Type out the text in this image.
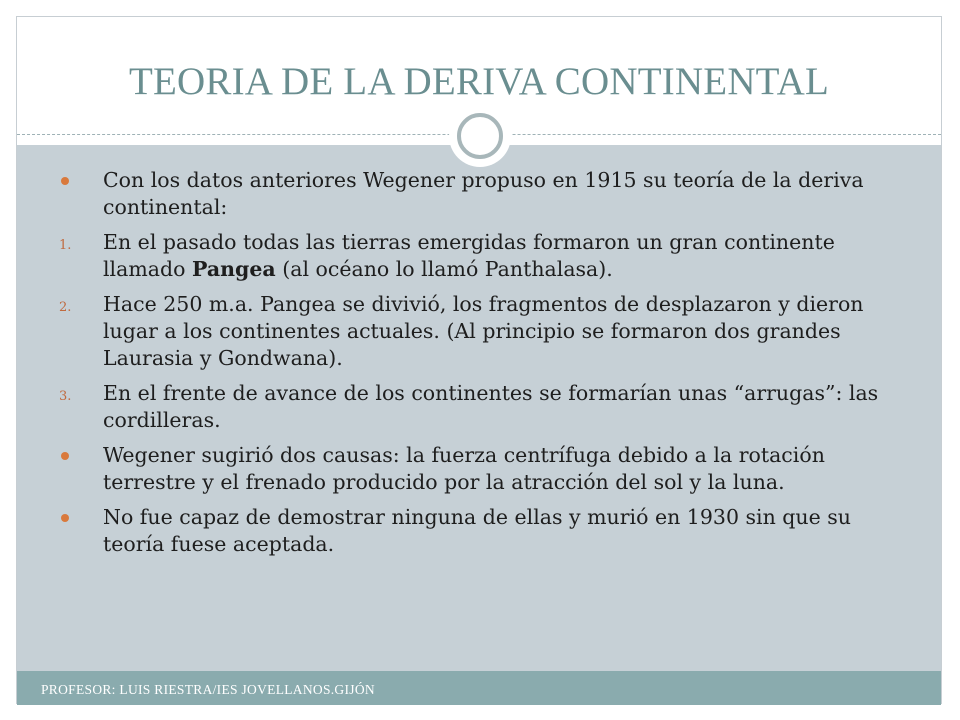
TEORIA DE LA DERIVA CONTINENTAL
Con los datos anteriores Wegener propuso en 1915 su teoría de la deriva continental:
1. En el pasado todas las tierras emergidas formaron un gran continente llamado Pangea (al océano lo llamó Panthalasa).
2. Hace 250 m.a. Pangea se divivió, los fragmentos de desplazaron y dieron lugar a los continentes actuales. (Al principio se formaron dos grandes Laurasia y Gondwana).
3. En el frente de avance de los continentes se formarían unas “arrugas”: las cordilleras.
Wegener sugirió dos causas: la fuerza centrífuga debido a la rotación terrestre y el frenado producido por la atracción del sol y la luna.
No fue capaz de demostrar ninguna de ellas y murió en 1930 sin que su teoría fuese aceptada.
PROFESOR: LUIS RIESTRA/IES JOVELLANOS.GIJÓN
